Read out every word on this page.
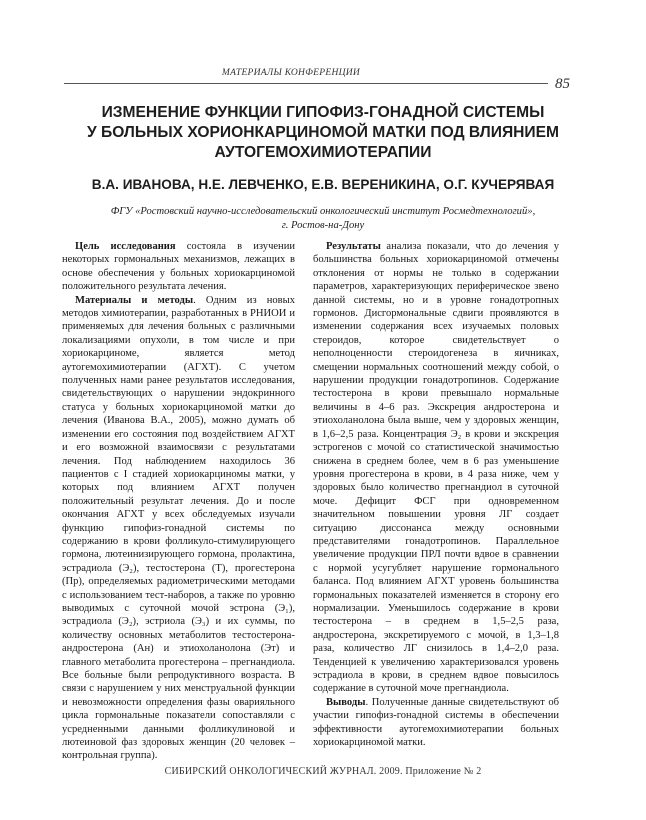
МАТЕРИАЛЫ КОНФЕРЕНЦИИ
85
ИЗМЕНЕНИЕ ФУНКЦИИ ГИПОФИЗ-ГОНАДНОЙ СИСТЕМЫ
У БОЛЬНЫХ ХОРИОНКАРЦИНОМОЙ МАТКИ ПОД ВЛИЯНИЕМ
АУТОГЕМОХИМИОТЕРАПИИ
В.А. ИВАНОВА, Н.Е. ЛЕВЧЕНКО, Е.В. ВЕРЕНИКИНА, О.Г. КУЧЕРЯВАЯ
ФГУ «Ростовский научно-исследовательский онкологический институт Росмедтехнологий»,
г. Ростов-на-Дону

Цель исследования состояла в изучении некоторых гормональных механизмов, лежащих в основе обеспечения у больных хориокарциномой положительного результата лечения.

Материалы и методы. Одним из новых методов химиотерапии, разработанных в РНИОИ и применяемых для лечения больных с различными локализациями опухоли, в том числе и при хориокарциноме, является метод аутогемохимиотерапии (АГХТ). С учетом полученных нами ранее результатов исследования, свидетельствующих о нарушении эндокринного статуса у больных хориокарциномой матки до лечения (Иванова В.А., 2005), можно думать об изменении его состояния под воздействием АГХТ и его возможной взаимосвязи с результатами лечения. Под наблюдением находилось 36 пациентов с I стадией хориокарциномы матки, у которых под влиянием АГХТ получен положительный результат лечения. До и после окончания АГХТ у всех обследуемых изучали функцию гипофиз-гонадной системы по содержанию в крови фолликуло-стимулирующего гормона, лютеинизирующего гормона, пролактина, эстрадиола (Э₂), тестостерона (Т), прогестерона (Пр), определяемых радиометрическими методами с использованием тест-наборов, а также по уровню выводимых с суточной мочой эстрона (Э₁), эстрадиола (Э₂), эстриола (Э₃) и их суммы, по количеству основных метаболитов тестостерона-андростерона (Ан) и этиохоланолона (Эт) и главного метаболита прогестерона – прегнандиола. Все больные были репродуктивного возраста. В связи с нарушением у них менструальной функции и невозможности определения фазы оварияльного цикла гормональные показатели сопоставляли с усредненными данными фолликулиновой и лютеиновой фаз здоровых женщин (20 человек – контрольная группа).

Результаты анализа показали, что до лечения у большинства больных хориокарциномой отмечены отклонения от нормы не только в содержании параметров, характеризующих периферическое звено данной системы, но и в уровне гонадотропных гормонов. Дисгормональные сдвиги проявляются в изменении содержания всех изучаемых половых стероидов, которое свидетельствует о неполноценности стероидогенеза в яичниках, смещении нормальных соотношений между собой, о нарушении продукции гонадотропинов. Содержание тестостерона в крови превышало нормальные величины в 4–6 раз. Экскреция андростерона и этиохоланолона была выше, чем у здоровых женщин, в 1,6–2,5 раза. Концентрация Э₂ в крови и экскреция эстрогенов с мочой со статистической значимостью снижена в среднем более, чем в 6 раз уменьшение уровня прогестерона в крови, в 4 раза ниже, чем у здоровых было количество прегнандиол в суточной моче. Дефицит ФСГ при одновременном значительном повышении уровня ЛГ создает ситуацию диссонанса между основными представителями гонадотропинов. Параллельное увеличение продукции ПРЛ почти вдвое в сравнении с нормой усугубляет нарушение гормонального баланса. Под влиянием АГХТ уровень большинства гормональных показателей изменяется в сторону его нормализации. Уменьшилось содержание в крови тестостерона – в среднем в 1,5–2,5 раза, андростерона, экскретируемого с мочой, в 1,3–1,8 раза, количество ЛГ снизилось в 1,4–2,0 раза. Тенденцией к увеличению характеризовался уровень эстрадиола в крови, в среднем вдвое повысилось содержание в суточной моче прегнандиола.

Выводы. Полученные данные свидетельствуют об участии гипофиз-гонадной системы в обеспечении эффективности аутогемохимиотерапии больных хориокарциномой матки.

СИБИРСКИЙ ОНКОЛОГИЧЕСКИЙ ЖУРНАЛ. 2009. Приложение № 2
